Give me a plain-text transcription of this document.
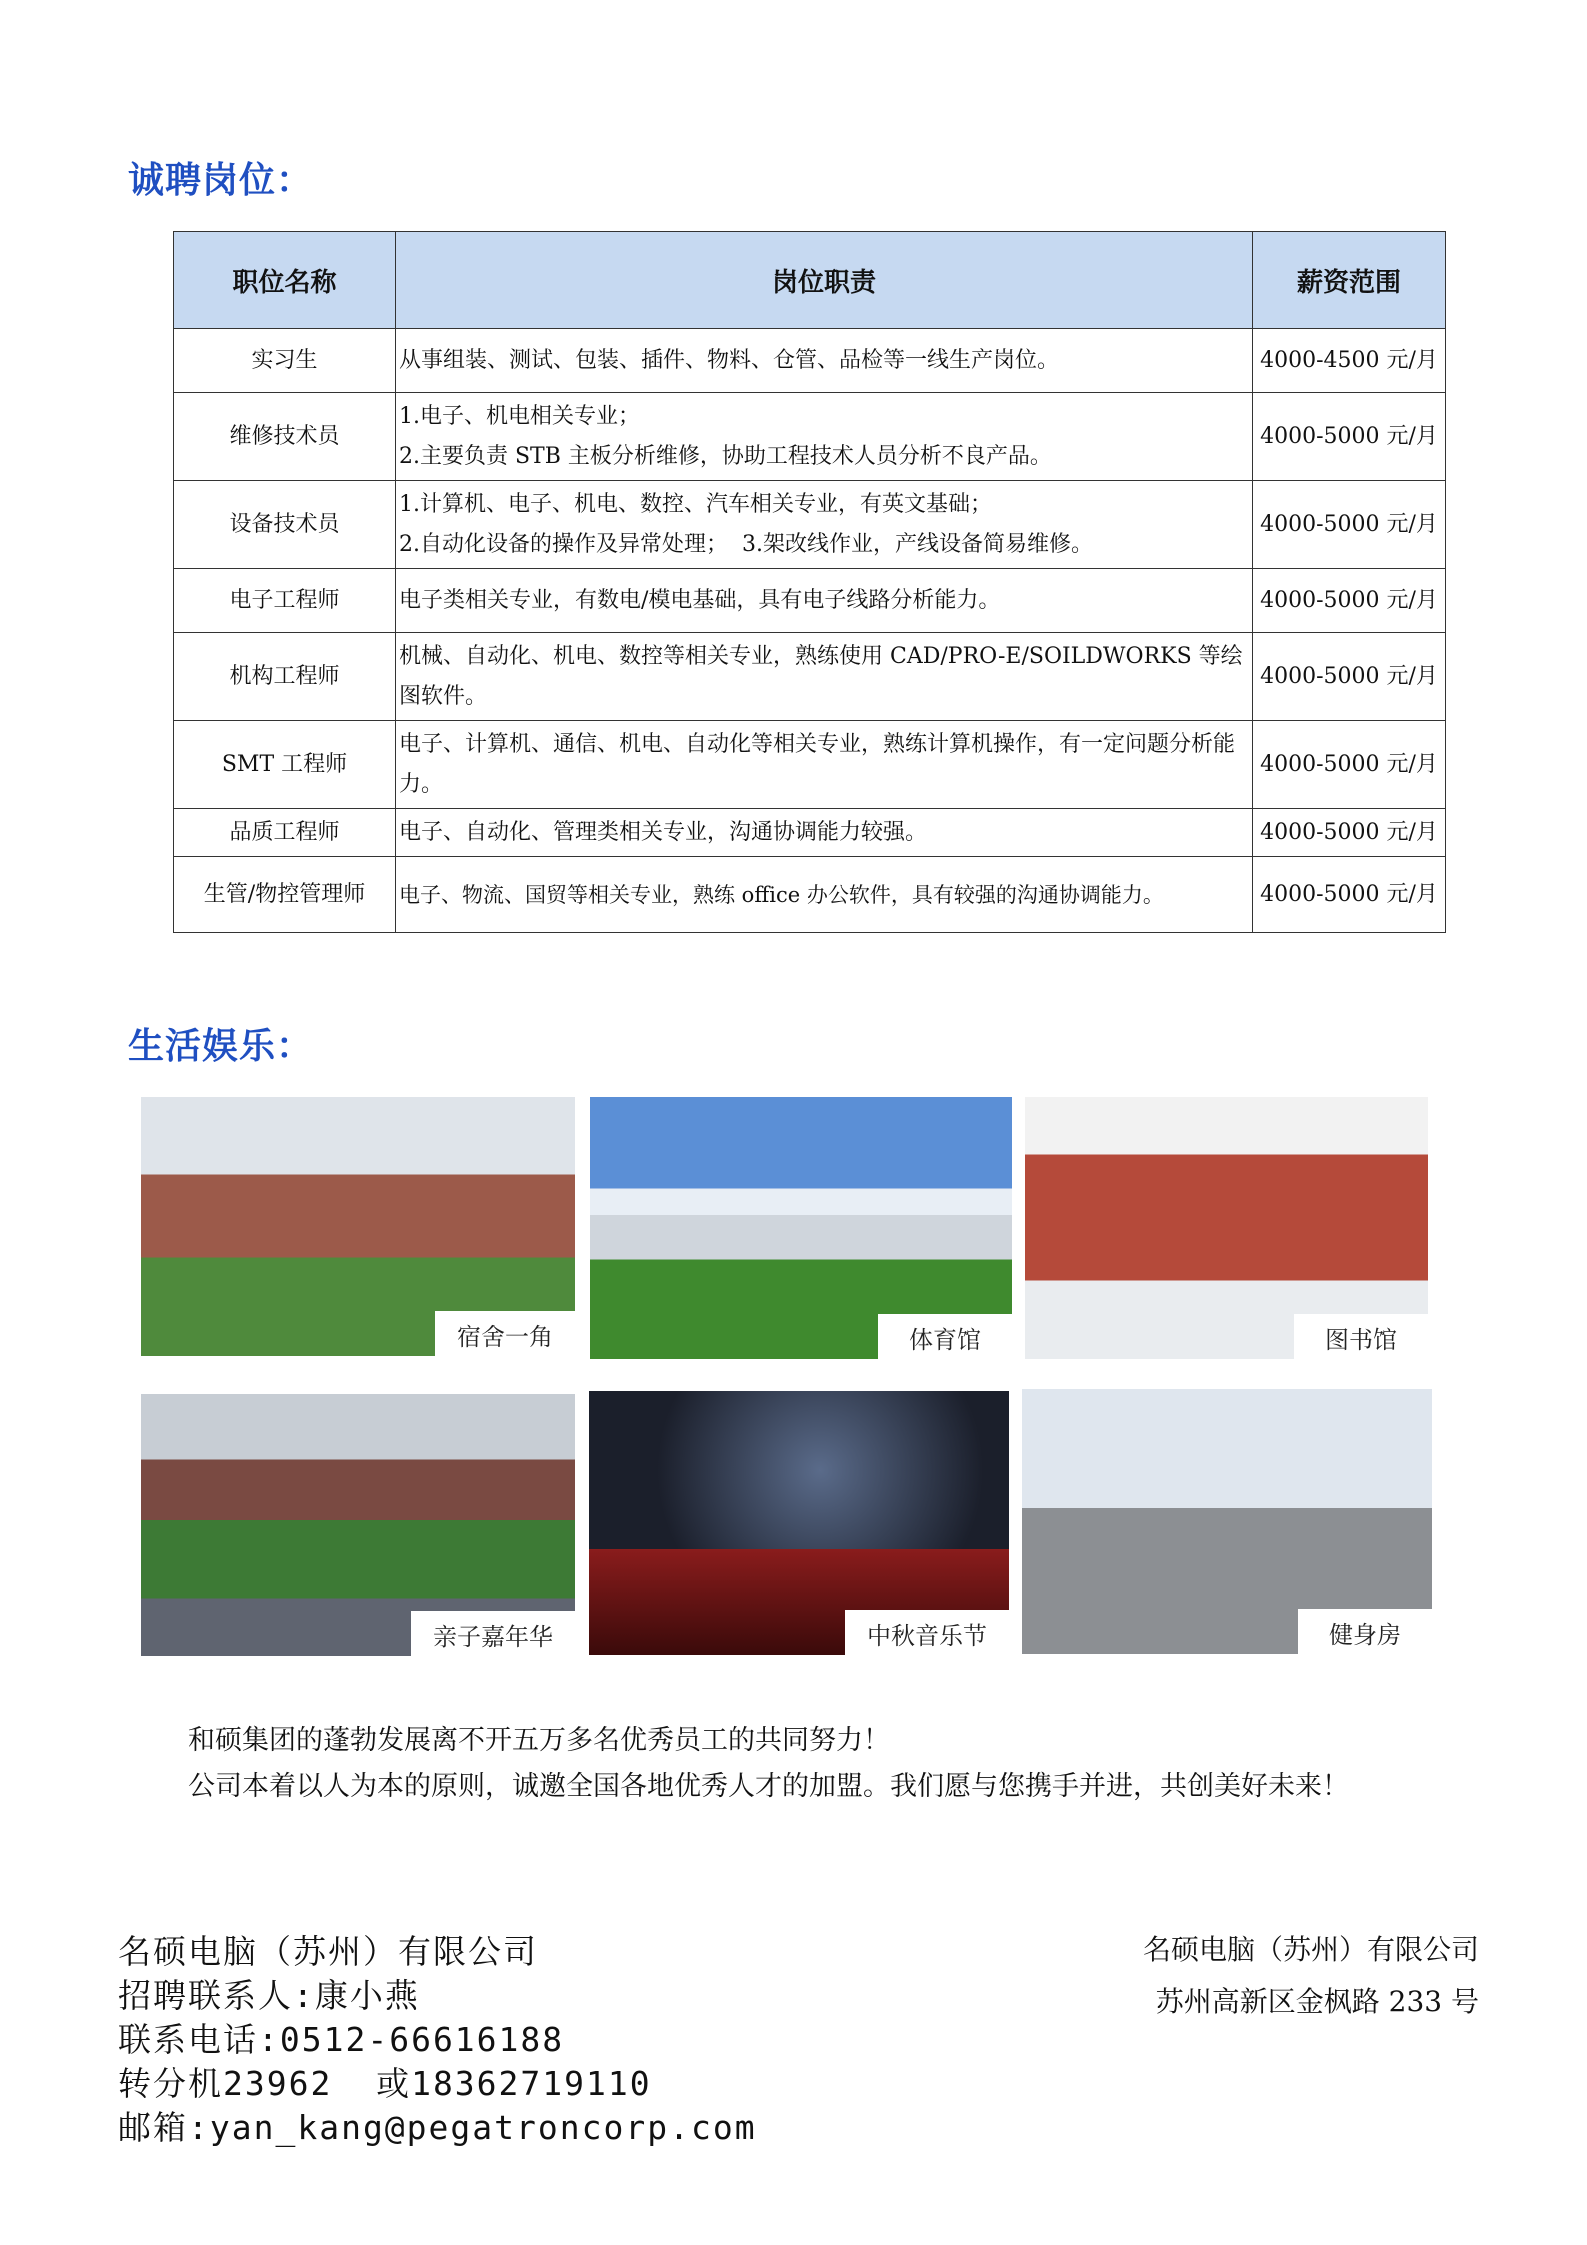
诚聘岗位：
职位名称	岗位职责	薪资范围
实习生	从事组装、测试、包装、插件、物料、仓管、品检等一线生产岗位。	4000-4500 元/月
维修技术员	1.电子、机电相关专业；
2.主要负责 STB 主板分析维修，协助工程技术人员分析不良产品。	4000-5000 元/月
设备技术员	1.计算机、电子、机电、数控、汽车相关专业，有英文基础；
2.自动化设备的操作及异常处理；  3.架改线作业，产线设备简易维修。	4000-5000 元/月
电子工程师	电子类相关专业，有数电/模电基础，具有电子线路分析能力。	4000-5000 元/月
机构工程师	机械、自动化、机电、数控等相关专业，熟练使用 CAD/PRO-E/SOILDWORKS 等绘图软件。	4000-5000 元/月
SMT 工程师	电子、计算机、通信、机电、自动化等相关专业，熟练计算机操作，有一定问题分析能力。	4000-5000 元/月
品质工程师	电子、自动化、管理类相关专业，沟通协调能力较强。	4000-5000 元/月
生管/物控管理师	电子、物流、国贸等相关专业，熟练 office 办公软件，具有较强的沟通协调能力。	4000-5000 元/月
生活娱乐：
宿舍一角	体育馆	图书馆
亲子嘉年华	中秋音乐节	健身房
和硕集团的蓬勃发展离不开五万多名优秀员工的共同努力！
公司本着以人为本的原则，诚邀全国各地优秀人才的加盟。我们愿与您携手并进，共创美好未来！
名硕电脑（苏州）有限公司
招聘联系人:康小燕
联系电话:0512-66616188
转分机23962  或18362719110
邮箱:yan_kang@pegatroncorp.com
名硕电脑（苏州）有限公司
苏州高新区金枫路 233 号
